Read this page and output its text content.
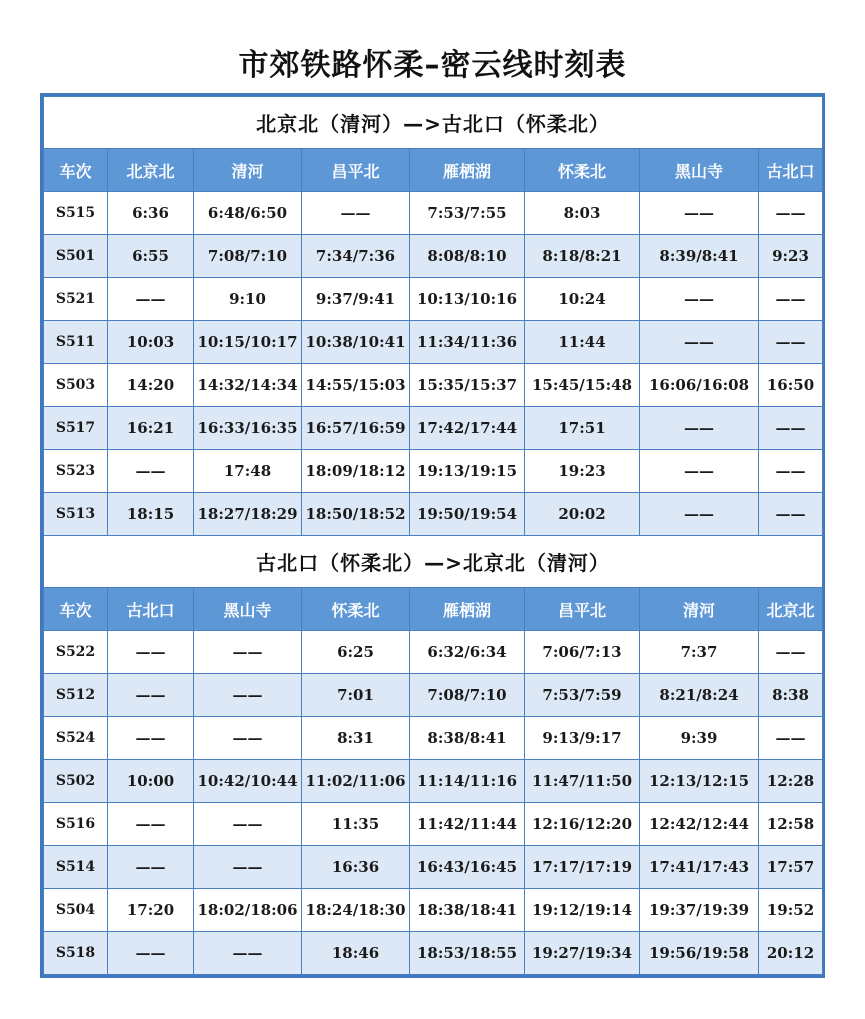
市郊铁路怀柔–密云线时刻表
北京北（清河）—>古北口（怀柔北）							
车次	北京北	清河	昌平北	雁栖湖	怀柔北	黑山寺	古北口
S515	6:36	6:48/6:50	——	7:53/7:55	8:03	——	——
S501	6:55	7:08/7:10	7:34/7:36	8:08/8:10	8:18/8:21	8:39/8:41	9:23
S521	——	9:10	9:37/9:41	10:13/10:16	10:24	——	——
S511	10:03	10:15/10:17	10:38/10:41	11:34/11:36	11:44	——	——
S503	14:20	14:32/14:34	14:55/15:03	15:35/15:37	15:45/15:48	16:06/16:08	16:50
S517	16:21	16:33/16:35	16:57/16:59	17:42/17:44	17:51	——	——
S523	——	17:48	18:09/18:12	19:13/19:15	19:23	——	——
S513	18:15	18:27/18:29	18:50/18:52	19:50/19:54	20:02	——	——
古北口（怀柔北）—>北京北（清河）							
车次	古北口	黑山寺	怀柔北	雁栖湖	昌平北	清河	北京北
S522	——	——	6:25	6:32/6:34	7:06/7:13	7:37	——
S512	——	——	7:01	7:08/7:10	7:53/7:59	8:21/8:24	8:38
S524	——	——	8:31	8:38/8:41	9:13/9:17	9:39	——
S502	10:00	10:42/10:44	11:02/11:06	11:14/11:16	11:47/11:50	12:13/12:15	12:28
S516	——	——	11:35	11:42/11:44	12:16/12:20	12:42/12:44	12:58
S514	——	——	16:36	16:43/16:45	17:17/17:19	17:41/17:43	17:57
S504	17:20	18:02/18:06	18:24/18:30	18:38/18:41	19:12/19:14	19:37/19:39	19:52
S518	——	——	18:46	18:53/18:55	19:27/19:34	19:56/19:58	20:12
